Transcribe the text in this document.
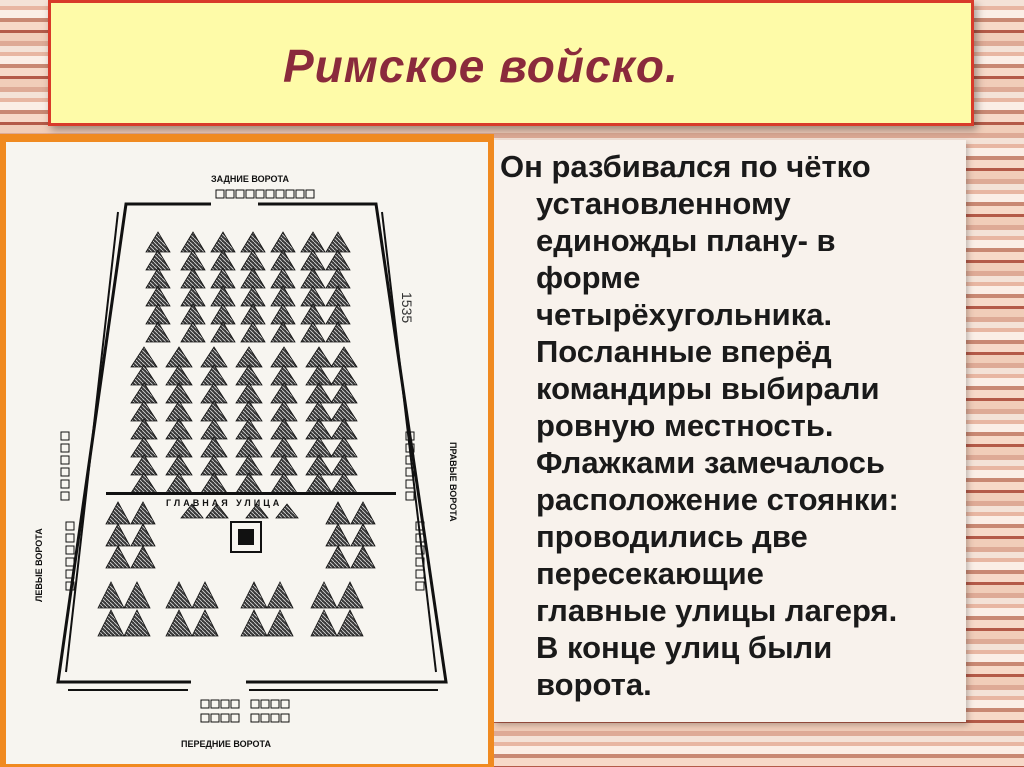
Римское войско.
Он разбивался по чётко
установленному
единожды плану- в
форме
четырёхугольника.
Посланные вперёд
командиры выбирали
ровную местность.
Флажками замечалось
расположение стоянки:
проводились две
пересекающие
главные улицы лагеря.
В конце улиц были
ворота.
ЗАДНИЕ ВОРОТА
ПЕРЕДНИЕ ВОРОТА
ГЛАВНАЯ УЛИЦА
ЛЕВЫЕ ВОРОТА
ПРАВЫЕ ВОРОТА
1535
